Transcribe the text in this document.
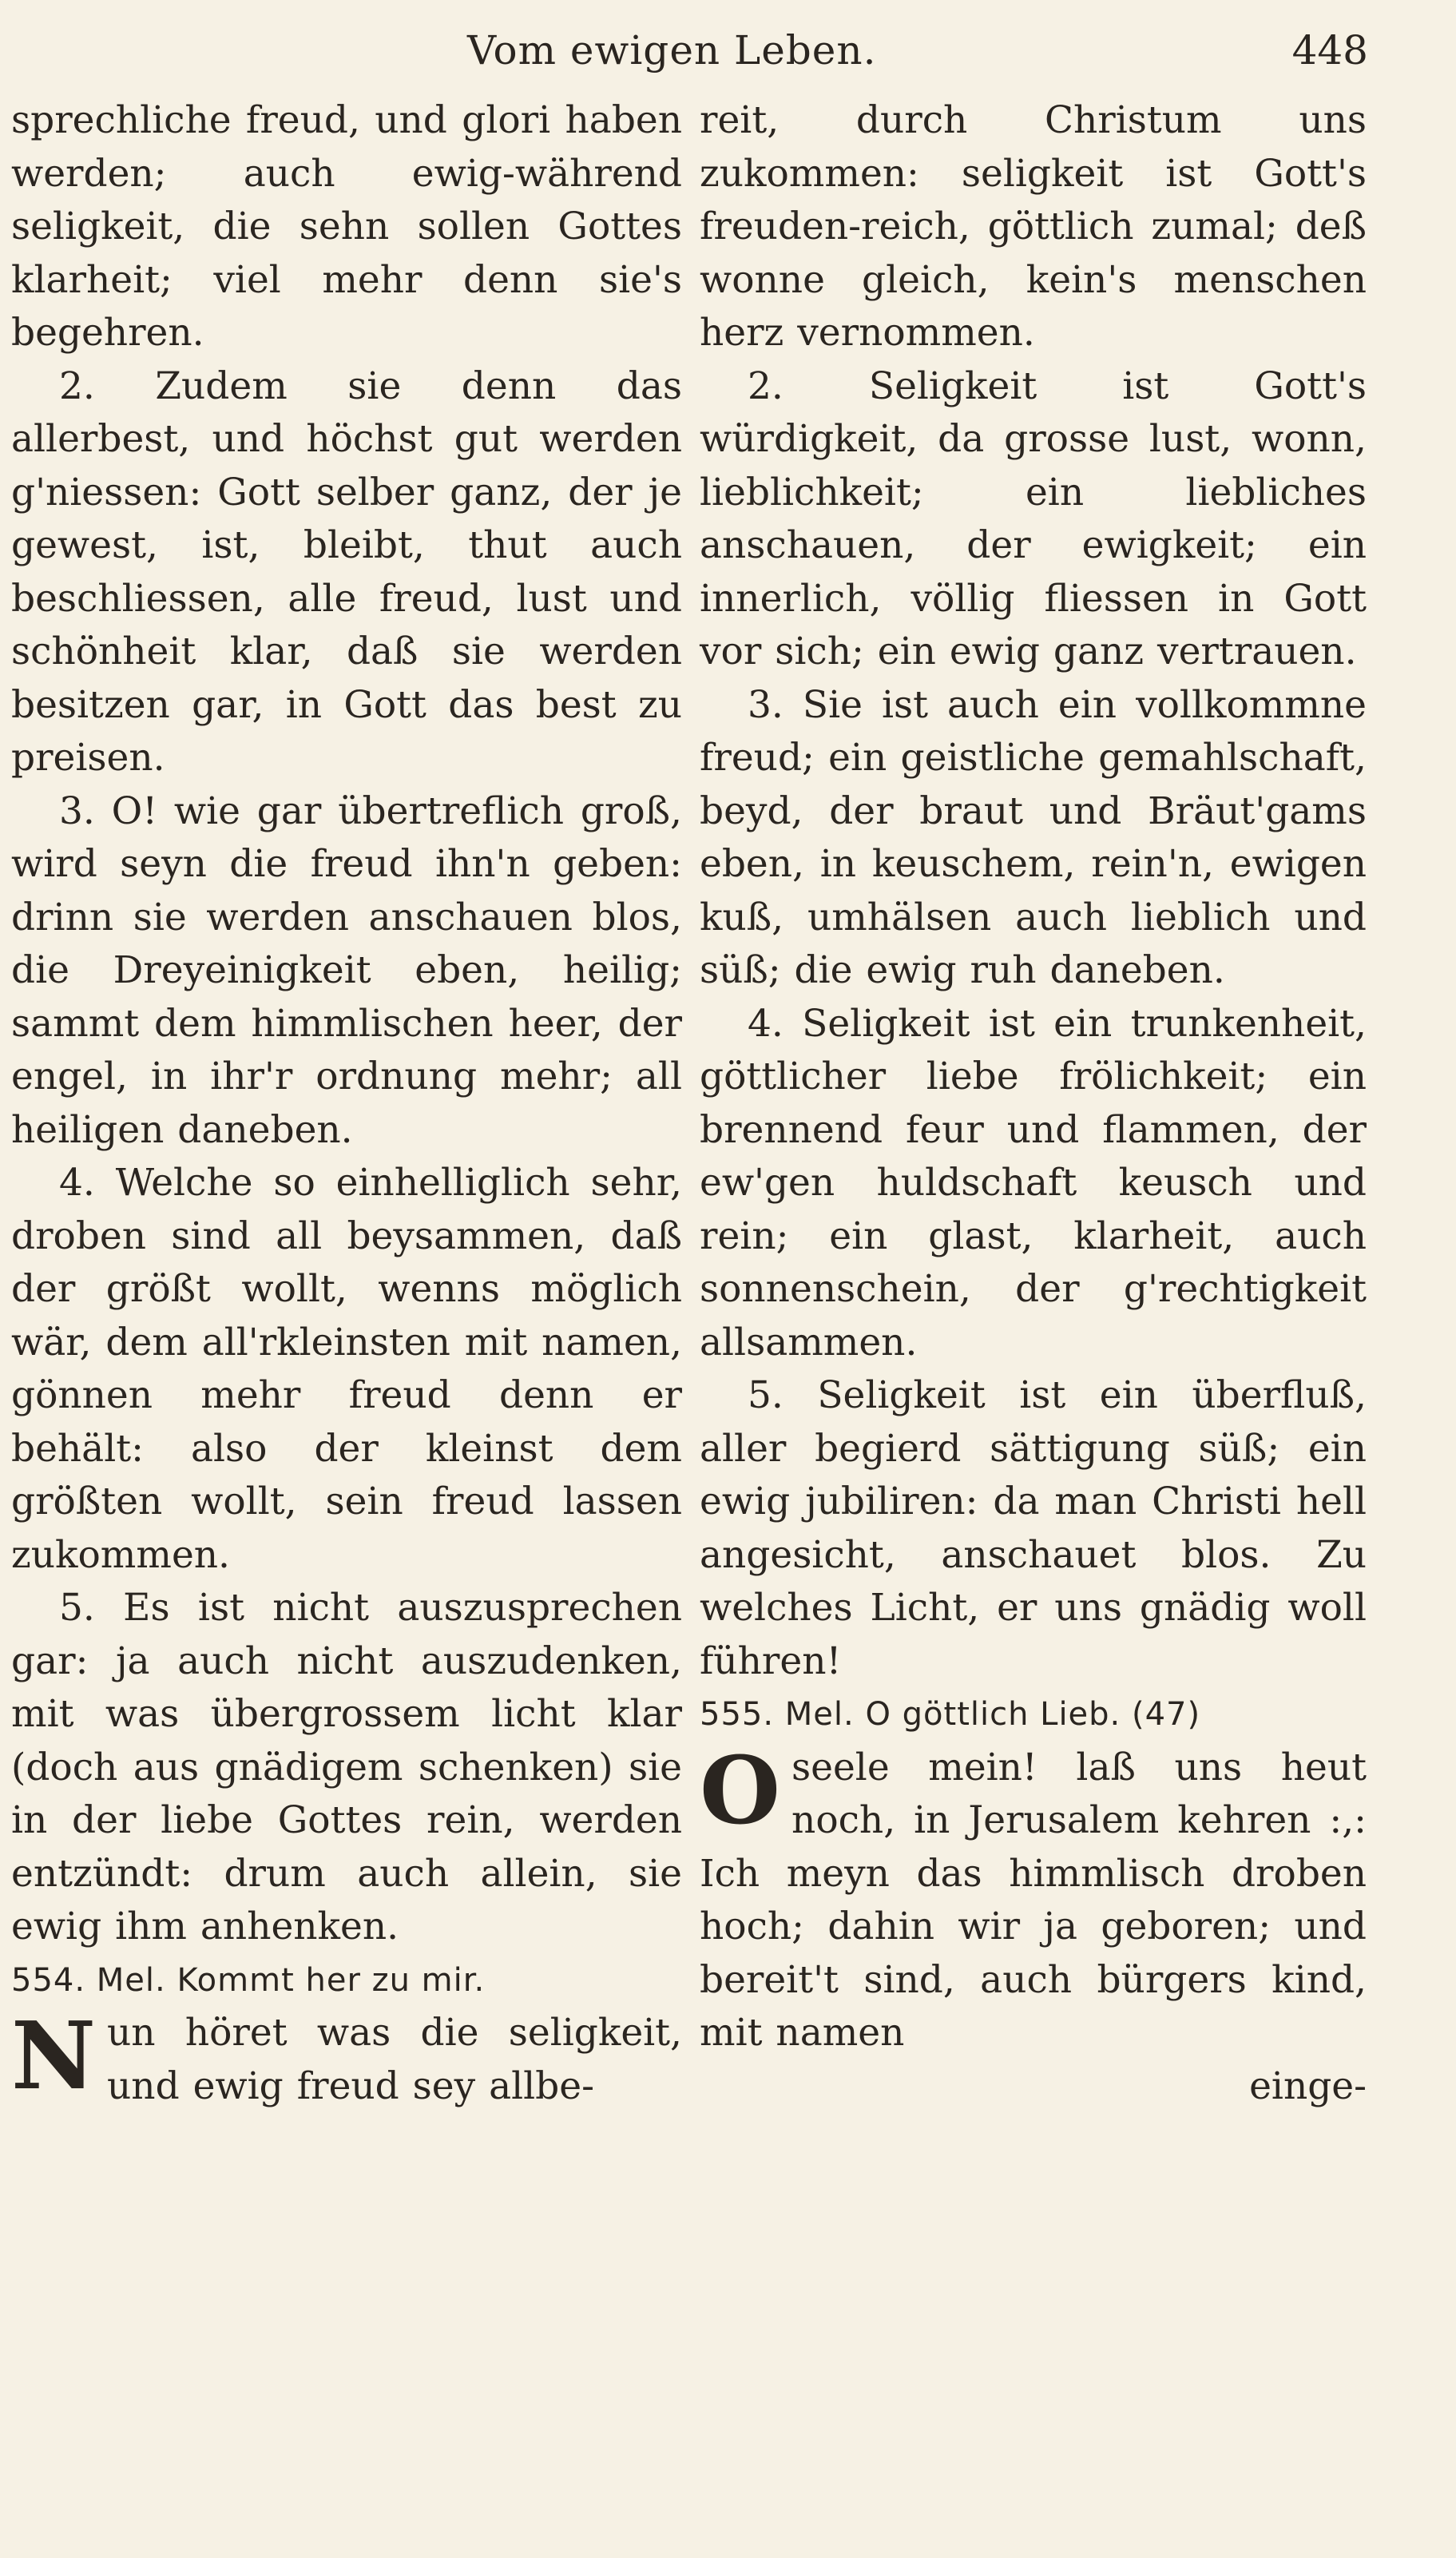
Vom ewigen Leben.	448

sprechliche freud, und glori haben werden; auch ewig-während seligkeit, die sehn sollen Gottes klarheit; viel mehr denn sie's begehren.

2. Zudem sie denn das allerbest, und höchst gut werden g'niessen: Gott selber ganz, der je gewest, ist, bleibt, thut auch beschliessen, alle freud, lust und schönheit klar, daß sie werden besitzen gar, in Gott das best zu preisen.

3. O! wie gar übertreflich groß, wird seyn die freud ihn'n geben: drinn sie werden anschauen blos, die Dreyeinigkeit eben, heilig; sammt dem himmlischen heer, der engel, in ihr'r ordnung mehr; all heiligen daneben.

4. Welche so einhelliglich sehr, droben sind all beysammen, daß der größt wollt, wenns möglich wär, dem all'rkleinsten mit namen, gönnen mehr freud denn er behält: also der kleinst dem größten wollt, sein freud lassen zukommen.

5. Es ist nicht auszusprechen gar: ja auch nicht auszudenken, mit was übergrossem licht klar (doch aus gnädigem schenken) sie in der liebe Gottes rein, werden entzündt: drum auch allein, sie ewig ihm anhenken.

554. Mel. Kommt her zu mir.

Nun höret was die seligkeit, und ewig freud sey allbe-

reit, durch Christum uns zukommen: seligkeit ist Gott's freuden-reich, göttlich zumal; deß wonne gleich, kein's menschen herz vernommen.

2. Seligkeit ist Gott's würdigkeit, da grosse lust, wonn, lieblichkeit; ein liebliches anschauen, der ewigkeit; ein innerlich, völlig fliessen in Gott vor sich; ein ewig ganz vertrauen.

3. Sie ist auch ein vollkommne freud; ein geistliche gemahlschaft, beyd, der braut und Bräut'gams eben, in keuschem, rein'n, ewigen kuß, umhälsen auch lieblich und süß; die ewig ruh daneben.

4. Seligkeit ist ein trunkenheit, göttlicher liebe frölichkeit; ein brennend feur und flammen, der ew'gen huldschaft keusch und rein; ein glast, klarheit, auch sonnenschein, der g'rechtigkeit allsammen.

5. Seligkeit ist ein überfluß, aller begierd sättigung süß; ein ewig jubiliren: da man Christi hell angesicht, anschauet blos. Zu welches Licht, er uns gnädig woll führen!

555. Mel. O göttlich Lieb. (47)

Oseele mein! laß uns heut noch, in Jerusalem kehren :,: Ich meyn das himmlisch droben hoch; dahin wir ja geboren; und bereit't sind, auch bürgers kind, mit namen

einge-
